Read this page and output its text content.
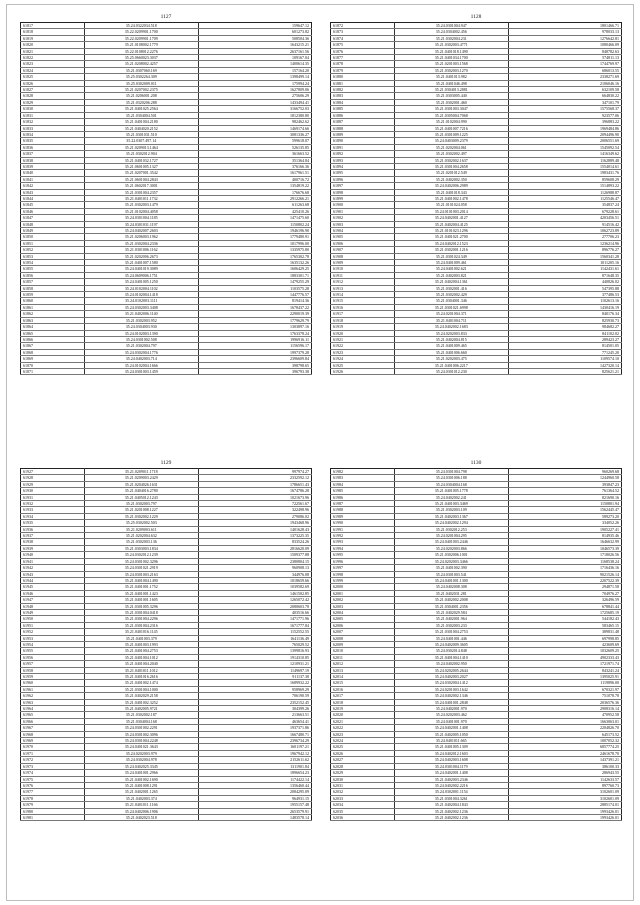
1127
61817	35.24.0322034.518	159647.12
61818	35.22.0209901.1700	601273.82
61819	35.22.0209901.1709	508504.36
61820	35.21.0108002.1779	1643215.21
61821	35.22.0108012.2276	2637161.56
61822	35.25.0660023.3037	109167.04
61823	35.21.0208002.4257	1400614.35
61824	35.21.0307060.169	157164.20
61825	35.25.0302264.309	1398499.14
61826	35.25.0302009.011	175994.24
61827	35.21.0207002.2375	1627809.06
61828	35.21.0206001.208	275606.29
61829	35.21.0320206.288	1433494.41
61830	35.21.0401025.2564	3166752.03
61831	35.21.0304004.501	1812380.80
61832	35.21.0401004.2180	982462.62
61833	35.21.0404020.2152	1469174.66
61834	35.21.0301031.510	3081336.27
61835	35.22.0307.497.14	599618.07
61836	35.21.0209013.1464	526135.85
61837	35.21.0302012.904	361663.52
61838	35.21.0401032.1727	351364.84
61839	35.21.0601005.1327	376166.36
61840	35.21.0207001.3542	1617961.51
61841	35.21.0601004.2843	400716.72
61842	35.21.0602017.3001	1354819.22
61843	35.21.0301004.2357	176676.68
61844	35.21.0401011.1732	2912266.21
61845	35.21.0302003.1479	611263.68
61846	35.21.0102004.4058	425410.26
61847	35.24.0301004.1185	1471475.60
61848	35.24.0301031.1197	1150802.24
61849	35.24.0402007.2603	1946196.90
61850	35.21.0206003.1962	1779480.91
61851	35.21.0302004.2336	1017996.00
61852	35.21.0301006.1162	1335975.80
61853	35.21.0202006.2673	1765302.78
61854	35.21.0401007.1580	1635132.26
61855	35.24.0401019.3089	1606429.25
61856	35.24.0609006.1751	1883301.71
61857	35.24.0401005.1250	1479255.29
61858	35.24.0102004.1102	1103575.28
61859	35.24.0102004.1418	1447776.57
61860	35.24.0102003.1111	819414.36
61861	35.24.0302003.3408	1678437.22
61862	35.21.0402006.1140	2290019.39
61863	35.21.0302003.952	1779629.79
61864	35.24.0304003.930	1303897.16
61865	35.24.0102003.1390	1763378.24
61866	35.24.0301002.508	1996916.11
61867	35.21.0302004.797	1156596.17
61868	35.24.0302004.1776	1997379.28
61869	35.24.0402003.714	2396609.84
61870	35.24.0102004.1666	398798.65
61871	35.24.0301003.1459	396793.38
1128
61872	35.24.0301004.947	1801466.71
61873	35.24.0304002.456	978033.13
61874	35.21.0302004.231	1276642.81
61875	35.21.0302003.4771	1080466.09
61876	35.21.0401018.1490	848782.63
61877	35.21.0401034.1700	574811.13
61878	35.21.0201003.1568	1744769.97
61879	35.21.0302003.1270	686013.55
61880	35.21.0401013.982	2338271.69
61881	35.21.0401046.498	2106046.16
61882	35.21.0304013.2881	632109.58
61883	35.21.0303005.440	664830.22
61884	35.21.0302001.460	347101.79
61885	35.21.0301003.3047	1575568.37
61886	35.21.0305004.7068	923577.06
61887	35.21.0102004.990	396883.22
61888	35.21.0401007.7216	1969484.86
61889	35.21.0301009.1225	2094496.90
61890	35.24.0403009.2379	2006551.69
61891	35.21.0202004.061	1545092.54
61892	35.21.0302002.497	1416349.62
61893	35.21.0302002.1637	1162889.48
61894	35.21.0301004.2658	1554014.61
61895	35.21.0201012.549	1983431.76
61896	35.21.0402002.350	859608.29
61897	35.24.0402006.2989	1514893.22
61898	35.21.0401018.343	1126988.87
61899	35.21.0401002.1478	1125546.47
61900	35.21.0101024.058	354837.24
61901	35.24.0101003.2014	679228.61
61902	35.24.0402001.4127	4203456.51
61903	35.21.0402004.4125	914516.42
61904	35.21.0101023.1296	1062723.89
61905	35.21.0401021.2700	277706.23
61906	35.24.0402012.1523	1236214.96
61907	35.21.0302001.1216	896776.27
61908	35.21.0301024.349	1560341.28
61909	35.24.0401009.461	1011205.16
61910	35.24.0401002.621	1142431.61
61911	35.21.0402003.821	871648.35
61912	35.21.0402004.1361	440826.02
61913	35.21.0302001.416	547395.88
61914	35.21.0302002.429	377486.53
61915	35.21.0304001.346	1102613.16
61916	35.21.0301021.6998	1430416.19
61917	35.24.0201004.371	840176.34
61918	35.21.0401004.711	825930.73
61919	35.24.0402002.1683	984682.27
61920	35.24.0202003.833	841102.02
61921	35.21.0402004.815	289423.27
61922	35.21.0401009.465	814501.05
61923	35.21.0401006.660	771245.20
61924	35.21.0202003.475	1109574.10
61925	35.21.0401006.2217	1427320.14
61926	35.24.0301012.230	825621.21
1129
61927	35.21.0209011.1718	997974.27
61928	35.21.0209003.2429	2332592.12
61929	35.21.0204026.1631	1786651.43
61930	35.21.0404016.2780	1674786.28
61931	35.21.0405012.1243	1021673.96
61932	35.21.0302003.797	722561.67
61933	35.21.0201008.1227	322498.96
61934	35.21.0302002.1229	279086.02
61935	35.25.0302002.503	1943468.96
61936	35.21.0209003.611	1401628.43
61937	35.21.0202004.632	1373225.35
61938	35.21.0302003.136	833524.26
61939	35.21.0303003.1834	2816620.09
61940	35.24.0302012.1239	1509377.88
61941	35.24.0301002.3296	2380804.15
61942	35.24.0301021.2919	960908.13
61943	35.24.0301003.2163	344976.08
61944	35.21.0401004.1490	1018659.66
61945	35.21.0401001.1752	1039582.69
61946	35.21.0401001.1423	1461502.85
61947	35.21.0401001.1605	1265072.42
61948	35.21.0301005.3296	2080603.78
61949	35.21.0301004.0418	403516.66
61950	35.21.0301004.2296	1471771.96
61951	35.21.0301004.2316	1671777.84
61952	35.21.0401016.1145	1152552.55
61953	35.21.0401003.379	1641136.49
61954	35.21.0401003.1993	765029.52
61955	35.21.0401004.2753	1399816.93
61956	35.21.0401004.1012	1914310.85
61957	35.21.0401004.2040	1210931.21
61958	35.21.0401011.1012	1149697.19
61959	35.21.0401016.2616	911137.38
61960	35.21.0401002.1474	1689932.22
61961	35.21.0301004.1000	958969.29
61962	35.21.0402029.2158	706190.59
61963	35.21.0401002.3252	2352152.45
61964	35.21.0402005.9721	304399.26
61965	35.21.0302002.187	213663.51
61966	35.21.0304004.168	463654.41
61967	35.24.0301002.2291	1937371.86
61968	35.24.0301002.3096	1667480.71
61969	35.24.0301004.2248	2396734.29
61970	35.24.0401021.3643	1601197.21
61971	35.24.0202003.979	1967942.12
61972	35.24.0302004.978	2152611.62
61973	35.24.0402025.3345	1311901.84
61974	35.24.0401001.2966	1896654.23
61975	35.21.0401002.1690	1174422.14
61976	35.21.0401008.1291	1356460.44
61977	35.21.0402001.1265	2084295.09
61978	35.21.0402003.374	964931.15
61979	35.21.0401011.1166	1955157.48
61980	35.24.0402006.1906	2653579.91
61981	35.21.0402023.518	1483578.14
1130
61982	35.24.0301004.798	960269.68
61983	35.24.0301006.188	1244960.58
61984	35.24.0304004.168	393847.23
61985	35.21.0401005.1778	761364.52
61986	35.24.0402002.241	821690.16
61987	35.21.0401003.3469	1150801.94
61988	35.21.0302003.109	1562445.47
61989	35.21.0402003.1367	589273.20
61990	35.24.0402002.1294	334052.26
61991	35.21.0302012.253	1905227.41
61992	35.24.0201004.295	814935.46
61993	35.24.0401003.2446	1646632.99
61994	35.24.0202003.866	1046573.39
61995	35.21.0302006.1001	1718026.56
61996	35.24.0202003.3466	1168538.24
61997	35.21.0401002.390	1716436.16
61998	35.24.0301003.541	9021526.14
61999	35.24.0401001.1300	2207522.39
62000	35.24.0402008.308	294871.58
62001	35.21.0402031.281	704976.27
62002	35.21.0402002.2008	326496.59
62003	35.21.0304001.2356	678841.44
62004	35.21.0402029.584	1725685.19
62005	35.21.0402001.964	544182.43
62006	35.21.0302003.233	583465.15
62007	35.21.0301004.2753	389831.48
62008	35.24.0401001.446	697998.85
62009	35.24.0402009.3605	423609.69
62010	35.24.0302014.848	1032609.25
62011	35.21.0401004.1410	4902333.43
62012	35.24.0402002.950	1721971.74
62013	35.24.0202005.2644	843241.24
62014	35.24.0402003.2027	1395025.91
62015	35.24.0302004.1412	1119896.00
62016	35.24.0201003.1642	670321.97
62017	35.24.0402002.1346	751078.78
62018	35.24.0401001.2848	2036576.36
62019	35.24.0402001.970	2908316.14
62020	35.24.0202003.462	470952.58
62021	35.24.0401001.970	1663063.01
62022	35.24.0402001.1408	2204826.70
62023	35.21.0402005.1050	645173.52
62024	35.24.0401011.665	1007052.32
62025	35.21.0401005.1309	6857774.25
62026	35.24.0402012.1603	2461678.70
62027	35.24.0402003.1608	1437391.21
62028	35.24.0301004.1179	386100.33
62029	35.24.0402001.1408	286943.55
62030	35.21.0402003.2346	1142633.57
62031	35.24.0402002.2216	897760.73
62032	35.24.0302001.1154	3102601.09
62033	35.21.0301004.3261	3102601.09
62034	35.21.0402004.1843	2885174.01
62035	35.21.0402002.1236	1993426.01
62036	35.21.0402002.1236	1993426.01
